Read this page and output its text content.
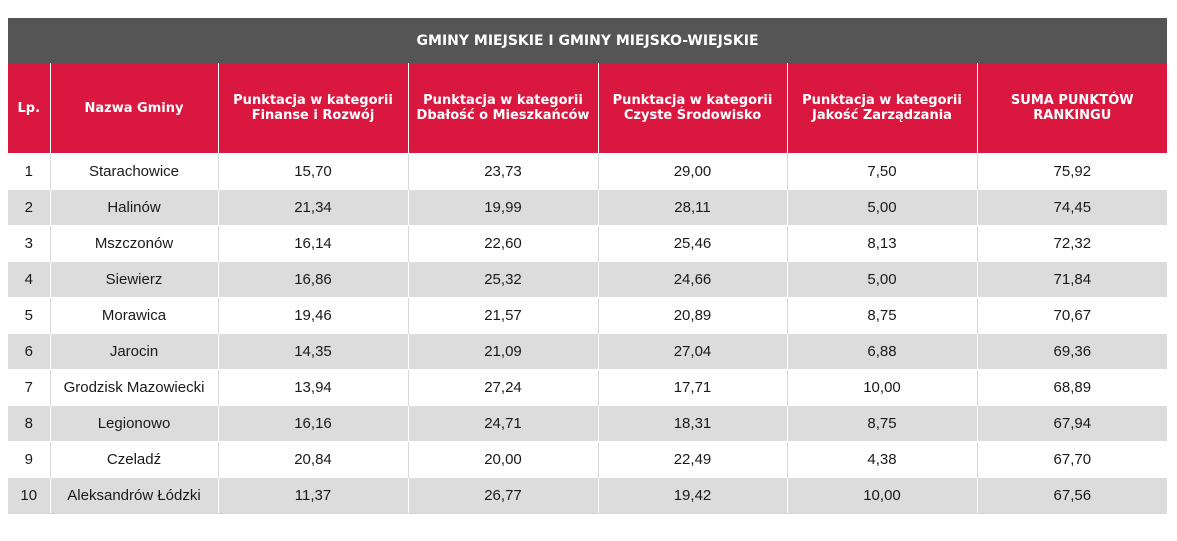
GMINY MIEJSKIE I GMINY MIEJSKO-WIEJSKIE						
Lp.	Nazwa Gminy	Punktacja w kategorii Finanse i Rozwój	Punktacja w kategorii Dbałość o Mieszkańców	Punktacja w kategorii Czyste Środowisko	Punktacja w kategorii Jakość Zarządzania	SUMA PUNKTÓW RANKINGU
1	Starachowice	15,70	23,73	29,00	7,50	75,92
2	Halinów	21,34	19,99	28,11	5,00	74,45
3	Mszczonów	16,14	22,60	25,46	8,13	72,32
4	Siewierz	16,86	25,32	24,66	5,00	71,84
5	Morawica	19,46	21,57	20,89	8,75	70,67
6	Jarocin	14,35	21,09	27,04	6,88	69,36
7	Grodzisk Mazowiecki	13,94	27,24	17,71	10,00	68,89
8	Legionowo	16,16	24,71	18,31	8,75	67,94
9	Czeladź	20,84	20,00	22,49	4,38	67,70
10	Aleksandrów Łódzki	11,37	26,77	19,42	10,00	67,56
